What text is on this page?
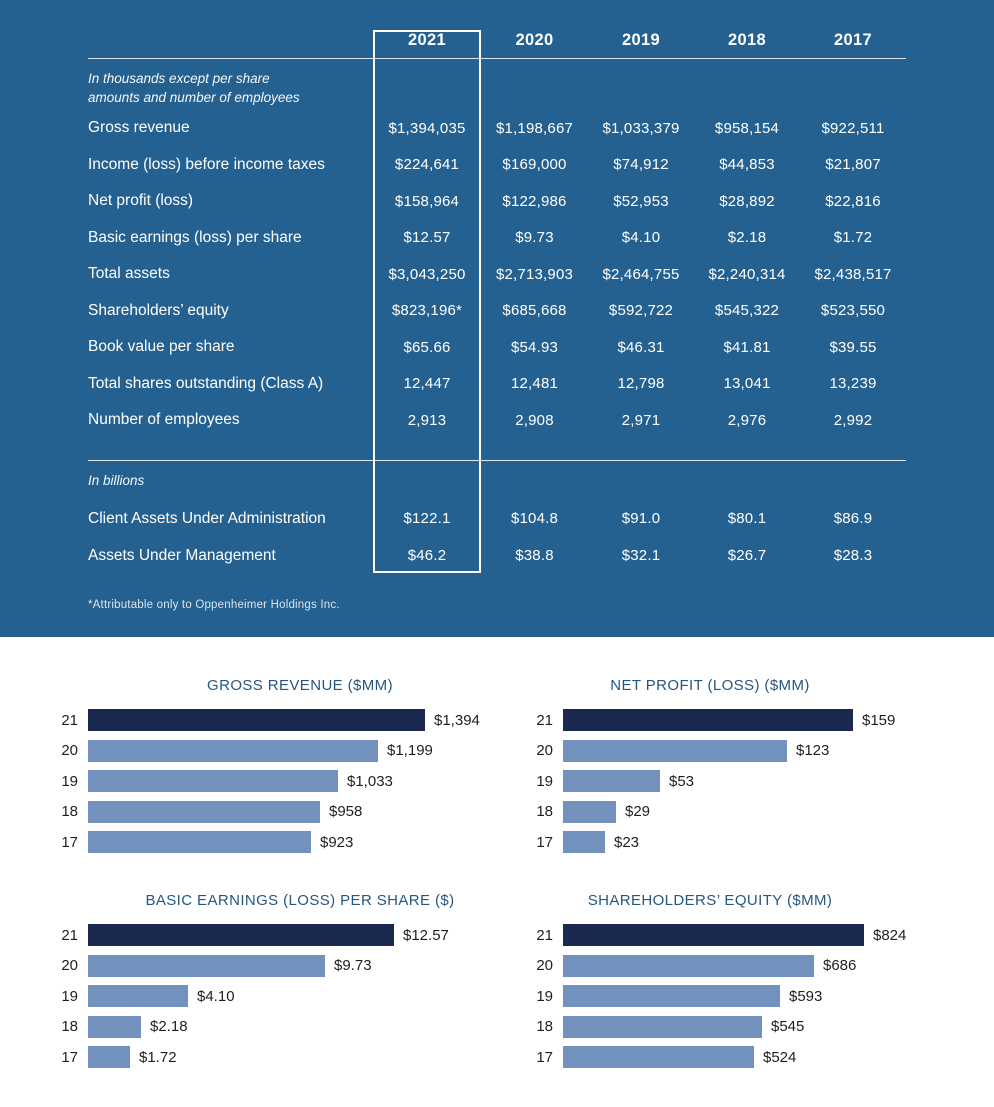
2021	2020	2019	2018	2017
In thousands except per share
amounts and number of employees
Gross revenue	$1,394,035	$1,198,667	$1,033,379	$958,154	$922,511
Income (loss) before income taxes	$224,641	$169,000	$74,912	$44,853	$21,807
Net profit (loss)	$158,964	$122,986	$52,953	$28,892	$22,816
Basic earnings (loss) per share	$12.57	$9.73	$4.10	$2.18	$1.72
Total assets	$3,043,250	$2,713,903	$2,464,755	$2,240,314	$2,438,517
Shareholders’ equity	$823,196*	$685,668	$592,722	$545,322	$523,550
Book value per share	$65.66	$54.93	$46.31	$41.81	$39.55
Total shares outstanding (Class A)	12,447	12,481	12,798	13,041	13,239
Number of employees	2,913	2,908	2,971	2,976	2,992
In billions
Client Assets Under Administration	$122.1	$104.8	$91.0	$80.1	$86.9
Assets Under Management	$46.2	$38.8	$32.1	$26.7	$28.3
*Attributable only to Oppenheimer Holdings Inc.
GROSS REVENUE ($MM)
21	$1,394
20	$1,199
19	$1,033
18	$958
17	$923
NET PROFIT (LOSS) ($MM)
21	$159
20	$123
19	$53
18	$29
17	$23
BASIC EARNINGS (LOSS) PER SHARE ($)
21	$12.57
20	$9.73
19	$4.10
18	$2.18
17	$1.72
SHAREHOLDERS’ EQUITY ($MM)
21	$824
20	$686
19	$593
18	$545
17	$524
